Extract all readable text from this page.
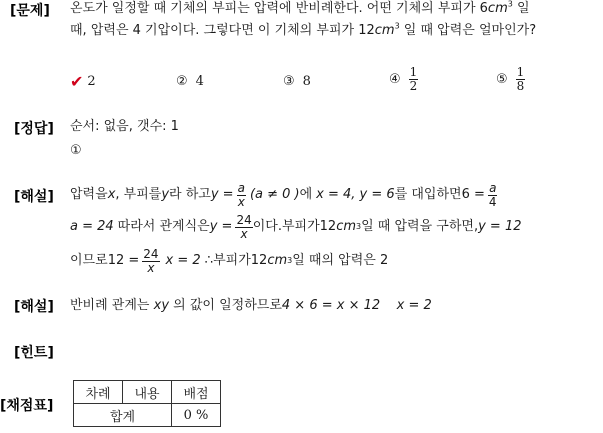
[문제]
[정답]
[해설]
[해설]
[힌트]
[채점표]
온도가 일정할 때 기체의 부피는 압력에 반비례한다. 어떤 기체의 부피가 $6cm^3$ 일
때, 압력은 4 기압이다. 그렇다면 이 기체의 부피가 $12cm^3$ 일 때 압력은 얼마인가?
✔ 2	② 4	③ 8	④ $\frac{1}{2}$	⑤ $\frac{1}{8}$
순서: 없음, 갯수: 1
①
압력을 x , 부피를 y 라 하고 $y = \frac{a}{x} (a \ne 0$ ) 에 x = 4, y = 6 를 대입하면 $6 = \frac{a}{4}$
a = 24 따라서 관계식은 $y = \frac{24}{x}$ 이다.부피가 12 cm 3 일 때 압력을 구하면, y = 12
이므로 $12 = \frac{24}{x}$ x = 2 ∴ 부피가 12 cm 3 일 때의 압력은 2
반비례 관계는 xy 의 값이 일정하므로4 × 6 = x × 12    x = 2
차례	내용	배점
합계		0 %
